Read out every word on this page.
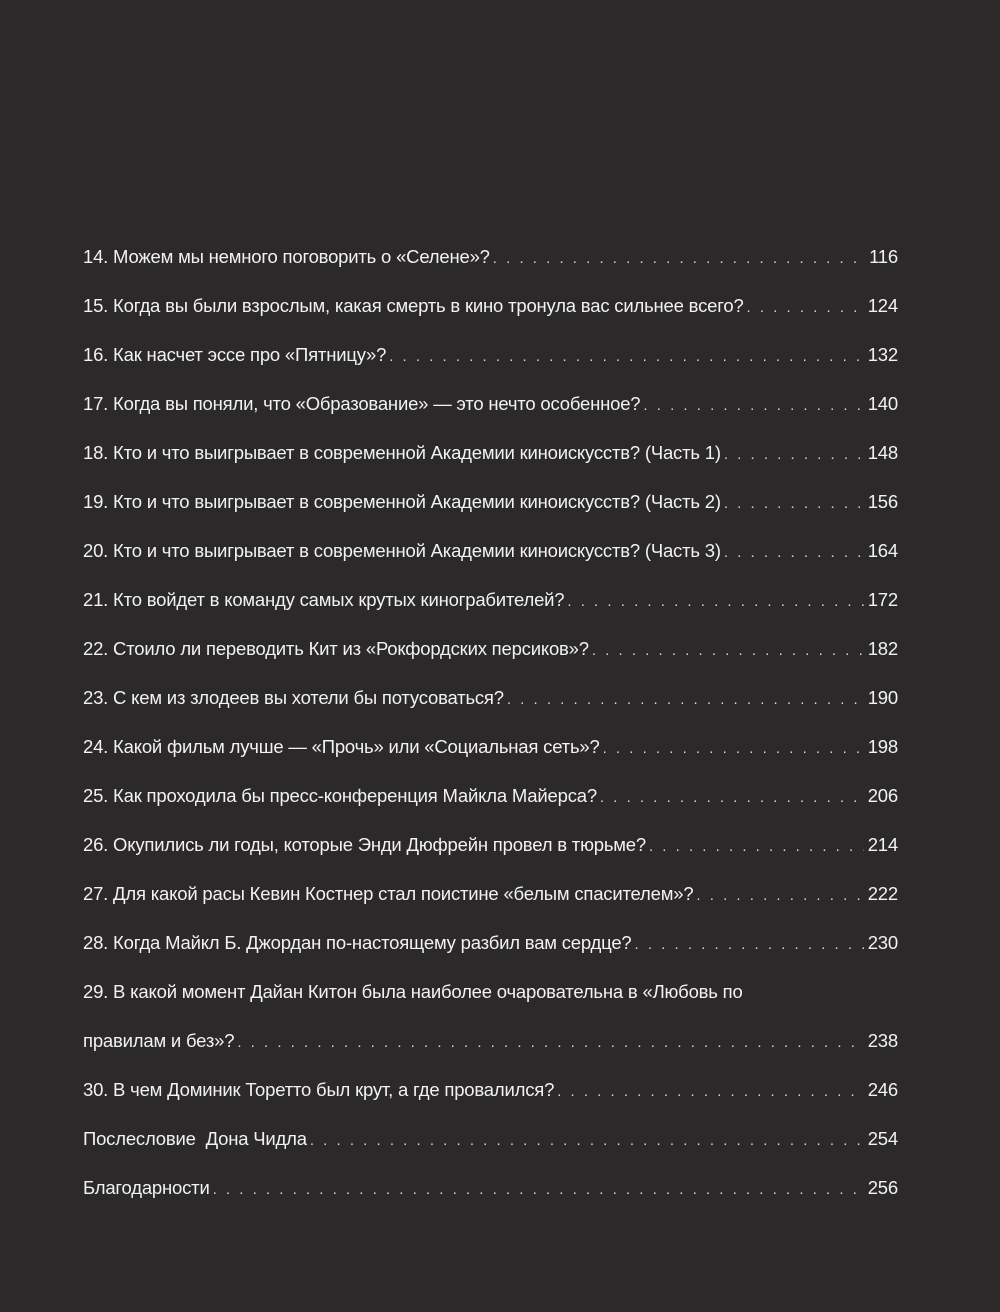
14. Можем мы немного поговорить о «Селене»? . . .	116
15. Когда вы были взрослым, какая смерть в кино тронула вас сильнее всего? . . .	124
16. Как насчет эссе про «Пятницу»? . . .	132
17. Когда вы поняли, что «Образование» — это нечто особенное? . . .	140
18. Кто и что выигрывает в современной Академии киноискусств? (Часть 1) . . .	148
19. Кто и что выигрывает в современной Академии киноискусств? (Часть 2) . . .	156
20. Кто и что выигрывает в современной Академии киноискусств? (Часть 3) . . .	164
21. Кто войдет в команду самых крутых кинограбителей? . . .	172
22. Стоило ли переводить Кит из «Рокфордских персиков»? . . .	182
23. С кем из злодеев вы хотели бы потусоваться? . . .	190
24. Какой фильм лучше — «Прочь» или «Социальная сеть»? . . .	198
25. Как проходила бы пресс-конференция Майкла Майерса? . . .	206
26. Окупились ли годы, которые Энди Дюфрейн провел в тюрьме? . . .	214
27. Для какой расы Кевин Костнер стал поистине «белым спасителем»? . . .	222
28. Когда Майкл Б. Джордан по-настоящему разбил вам сердце? . . .	230
29. В какой момент Дайан Китон была наиболее очаровательна в «Любовь по
правилам и без»? . . .	238
30. В чем Доминик Торетто был крут, а где провалился? . . .	246
Послесловие  Дона Чидла . . .	254
Благодарности . . .	256
